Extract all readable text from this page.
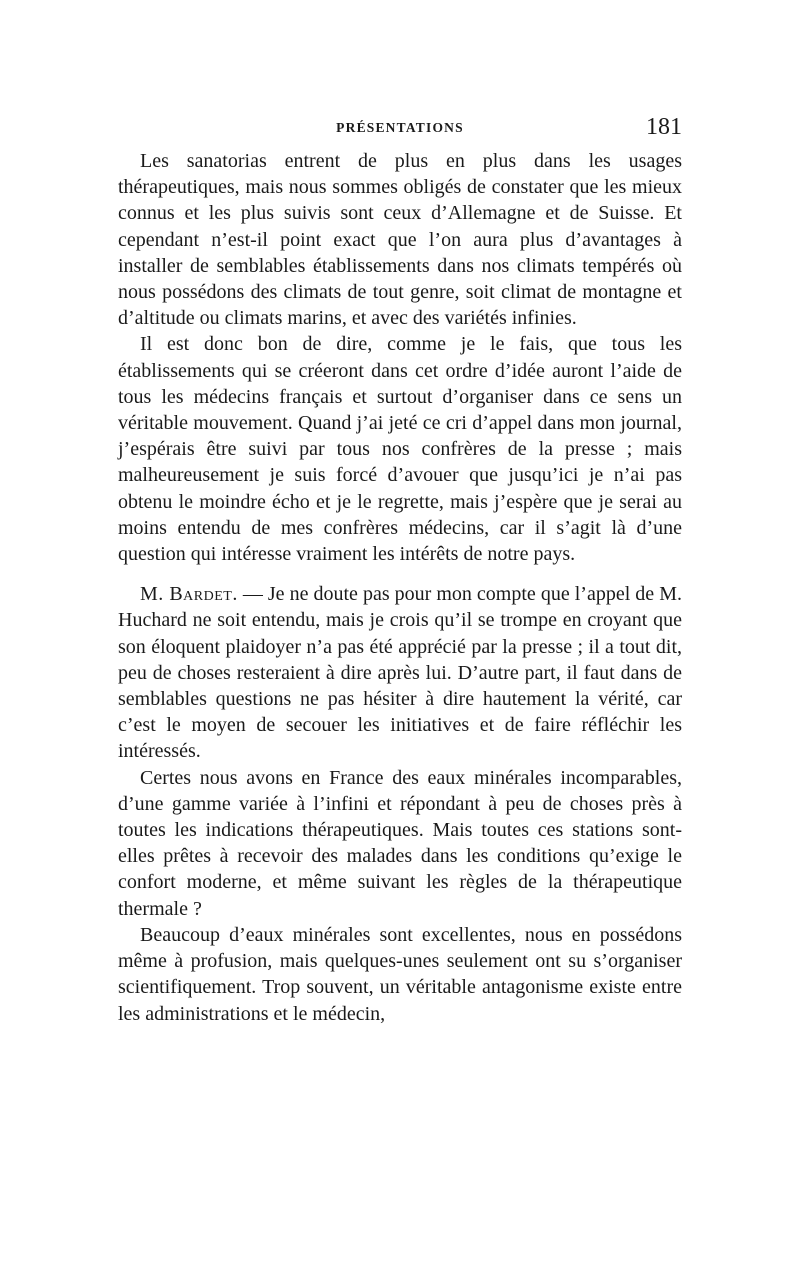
PRÉSENTATIONS	181

Les sanatorias entrent de plus en plus dans les usages thérapeutiques, mais nous sommes obligés de constater que les mieux connus et les plus suivis sont ceux d’Allemagne et de Suisse. Et cependant n’est-il point exact que l’on aura plus d’avantages à installer de semblables établissements dans nos climats tempérés où nous possédons des climats de tout genre, soit climat de montagne et d’altitude ou climats marins, et avec des variétés infinies.

Il est donc bon de dire, comme je le fais, que tous les établissements qui se créeront dans cet ordre d’idée auront l’aide de tous les médecins français et surtout d’organiser dans ce sens un véritable mouvement. Quand j’ai jeté ce cri d’appel dans mon journal, j’espérais être suivi par tous nos confrères de la presse ; mais malheureusement je suis forcé d’avouer que jusqu’ici je n’ai pas obtenu le moindre écho et je le regrette, mais j’espère que je serai au moins entendu de mes confrères médecins, car il s’agit là d’une question qui intéresse vraiment les intérêts de notre pays.

M. Bardet. — Je ne doute pas pour mon compte que l’appel de M. Huchard ne soit entendu, mais je crois qu’il se trompe en croyant que son éloquent plaidoyer n’a pas été apprécié par la presse ; il a tout dit, peu de choses resteraient à dire après lui. D’autre part, il faut dans de semblables questions ne pas hésiter à dire hautement la vérité, car c’est le moyen de secouer les initiatives et de faire réfléchir les intéressés.

Certes nous avons en France des eaux minérales incomparables, d’une gamme variée à l’infini et répondant à peu de choses près à toutes les indications thérapeutiques. Mais toutes ces stations sont-elles prêtes à recevoir des malades dans les conditions qu’exige le confort moderne, et même suivant les règles de la thérapeutique thermale ?

Beaucoup d’eaux minérales sont excellentes, nous en possédons même à profusion, mais quelques-unes seulement ont su s’organiser scientifiquement. Trop souvent, un véritable antagonisme existe entre les administrations et le médecin,
